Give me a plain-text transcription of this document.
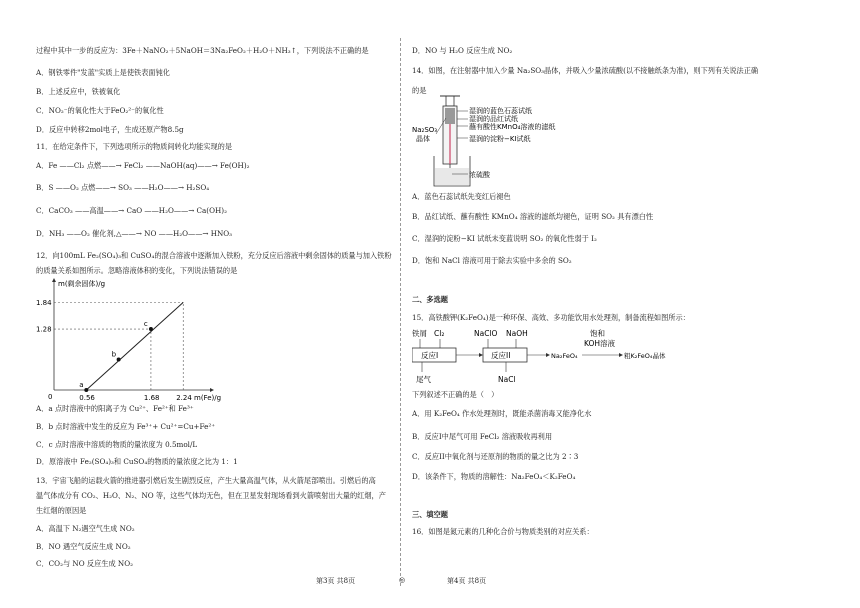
过程中其中一步的反应为：3Fe＋NaNO₂＋5NaOH＝3Na₂FeO₂＋H₂O＋NH₃↑，下列说法不正确的是
A．钢铁零件"发蓝"实质上是使铁表面钝化
B．上述反应中，铁被氧化
C．NO₂⁻的氧化性大于FeO₂²⁻的氧化性
D．反应中转移2mol电子，生成还原产物8.5g
11．在给定条件下，下列选项所示的物质间转化均能实现的是
A．Fe ——Cl₂ 点燃——→ FeCl₂ ——NaOH(aq)——→ Fe(OH)₂
B．S ——O₂ 点燃——→ SO₃ ——H₂O——→ H₂SO₄
C．CaCO₃ ——高温——→ CaO ——H₂O——→ Ca(OH)₂
D．NH₃ ——O₂ 催化剂,△——→ NO ——H₂O——→ HNO₃
12．向100mL Fe₂(SO₄)₃和 CuSO₄的混合溶液中逐渐加入铁粉，充分反应后溶液中剩余固体的质量与加入铁粉
的质量关系如图所示。忽略溶液体积的变化，下列说法错误的是
m(剩余固体)/g
m(Fe)/g
0
1.84
1.28
0.56	1.68 2.24
a
b
c
A．a 点时溶液中的阳离子为 Cu²⁺、Fe²⁺和 Fe³⁺
B．b 点时溶液中发生的反应为 Fe³⁺+ Cu²⁺=Cu+Fe²⁺
C．c 点时溶液中溶质的物质的量浓度为 0.5mol/L
D．原溶液中 Fe₂(SO₄)₃和 CuSO₄的物质的量浓度之比为 1：1
13．宇宙飞船的运载火箭的推进器引燃后发生剧烈反应，产生大量高温气体，从火箭尾部喷出。引燃后的高
温气体成分有 CO₂、H₂O、N₂、NO 等，这些气体均无色，但在卫星发射现场看到火箭喷射出大量的红烟，产
生红烟的原因是
A．高温下 N₂遇空气生成 NO₂
B．NO 遇空气反应生成 NO₂
C．CO₂与 NO 反应生成 NO₂
D．NO 与 H₂O 反应生成 NO₂
14．如图，在注射器中加入少量 Na₂SO₃晶体，并吸入少量浓硫酸(以不接触纸条为准)，则下列有关说法正确
的是
湿润的蓝色石蕊试纸
湿润的品红试纸
蘸有酸性KMnO₄溶液的滤纸
湿润的淀粉−KI试纸
Na₂SO₃
晶体
浓硫酸
A．蓝色石蕊试纸先变红后褪色
B．品红试纸、蘸有酸性 KMnO₄ 溶液的滤纸均褪色，证明 SO₂ 具有漂白性
C．湿润的淀粉−KI 试纸未变蓝说明 SO₂ 的氧化性弱于 I₂
D．饱和 NaCl 溶液可用于除去实验中多余的 SO₂
二、多选题
15．高铁酸钾(K₂FeO₄)是一种环保、高效、多功能饮用水处理剂，制备流程如图所示：
铁屑 Cl₂
反应I
尾气
NaClO NaOH
反应II
NaCl
Na₂FeO₄
饱和
KOH溶液
粗K₂FeO₄晶体
下列叙述不正确的是（　）
A．用 K₂FeO₄ 作水处理剂时，既能杀菌消毒又能净化水
B．反应I中尾气可用 FeCl₂ 溶液吸收再利用
C．反应II中氧化剂与还原剂的物质的量之比为 2∶3
D．该条件下，物质的溶解性：Na₂FeO₄＜K₂FeO₄
三、填空题
16．如图是氮元素的几种化合价与物质类别的对应关系：
第3页 共8页	◎	第4页 共8页
